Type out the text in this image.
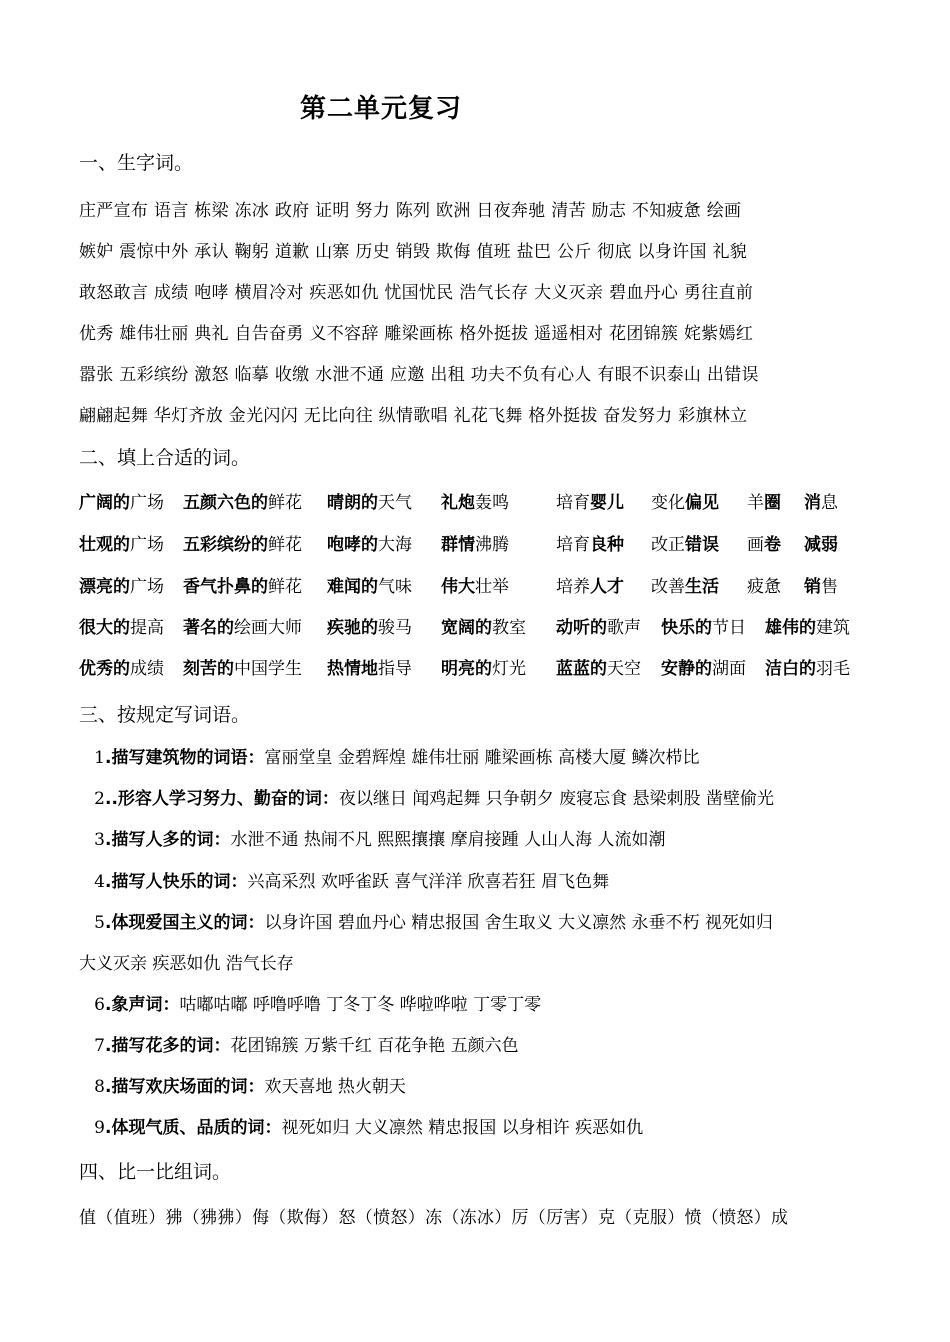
第二单元复习
一、生字词。
庄严宣布 语言 栋梁 冻冰 政府 证明 努力 陈列 欧洲 日夜奔驰 清苦 励志 不知疲惫 绘画
嫉妒 震惊中外 承认 鞠躬 道歉 山寨 历史 销毁 欺侮 值班 盐巴 公斤 彻底 以身许国 礼貌
敢怒敢言 成绩 咆哮 横眉冷对 疾恶如仇 忧国忧民 浩气长存 大义灭亲 碧血丹心 勇往直前
优秀 雄伟壮丽 典礼 自告奋勇 义不容辞 雕梁画栋 格外挺拔 遥遥相对 花团锦簇 姹紫嫣红
嚣张 五彩缤纷 激怒 临摹 收缴 水泄不通 应邀 出租 功夫不负有心人 有眼不识泰山 出错误
翩翩起舞 华灯齐放 金光闪闪 无比向往 纵情歌唱 礼花飞舞 格外挺拔 奋发努力 彩旗林立
二、填上合适的词。
广阔的广场 五颜六色的鲜花 晴朗的天气 礼炮轰鸣	培育婴儿 变化偏见 羊圈 消息
壮观的广场 五彩缤纷的鲜花 咆哮的大海 群情沸腾	培育良种 改正错误 画卷 减弱
漂亮的广场 香气扑鼻的鲜花 难闻的气味 伟大壮举	培养人才 改善生活 疲惫 销售
很大的提高 著名的绘画大师 疾驰的骏马 宽阔的教室 动听的歌声 快乐的节日 雄伟的建筑
优秀的成绩 刻苦的中国学生 热情地指导 明亮的灯光 蓝蓝的天空 安静的湖面 洁白的羽毛
三、按规定写词语。
1.描写建筑物的词语：富丽堂皇 金碧辉煌 雄伟壮丽 雕梁画栋 高楼大厦 鳞次栉比
2..形容人学习努力、勤奋的词：夜以继日 闻鸡起舞 只争朝夕 废寝忘食 悬梁刺股 凿壁偷光
3.描写人多的词：水泄不通 热闹不凡 熙熙攘攘 摩肩接踵 人山人海 人流如潮
4.描写人快乐的词：兴高采烈 欢呼雀跃 喜气洋洋 欣喜若狂 眉飞色舞
5.体现爱国主义的词：以身许国 碧血丹心 精忠报国 舍生取义 大义凛然 永垂不朽 视死如归
大义灭亲 疾恶如仇 浩气长存
6.象声词：咕嘟咕嘟 呼噜呼噜 丁冬丁冬 哗啦哗啦 丁零丁零
7.描写花多的词：花团锦簇 万紫千红 百花争艳 五颜六色
8.描写欢庆场面的词：欢天喜地 热火朝天
9.体现气质、品质的词：视死如归 大义凛然 精忠报国 以身相许 疾恶如仇
四、比一比组词。
值（值班）狒（狒狒）侮（欺侮）怒（愤怒）冻（冻冰）厉（厉害）克（克服）愤（愤怒）成
